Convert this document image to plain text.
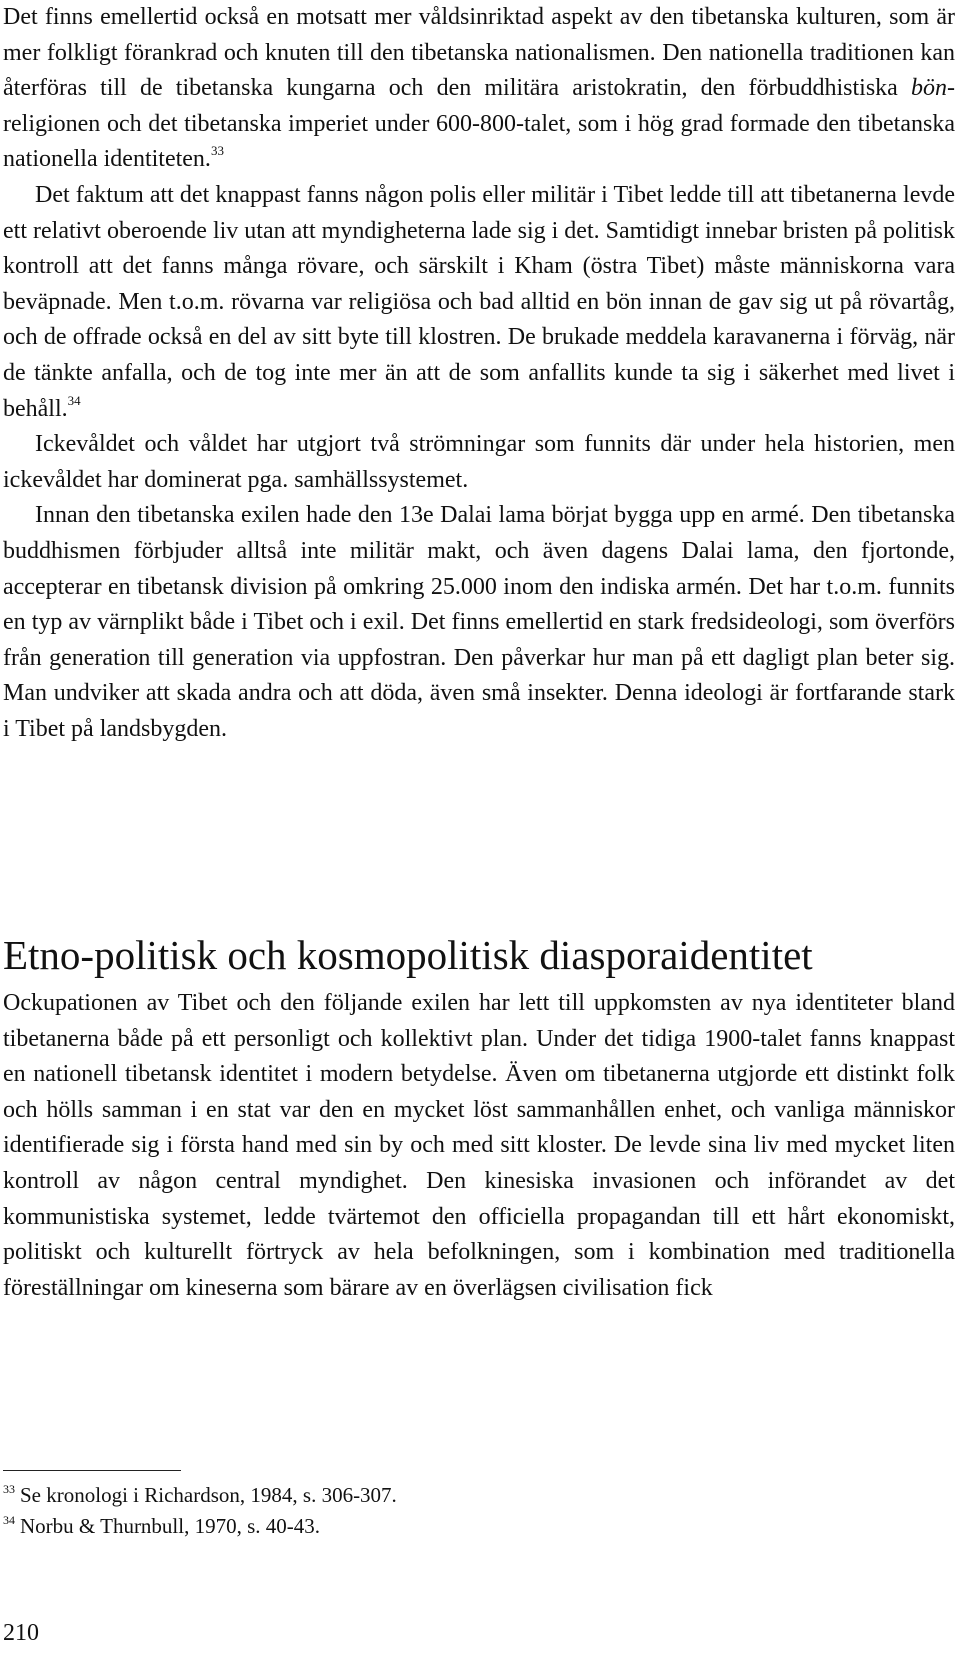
Det finns emellertid också en motsatt mer våldsinriktad aspekt av den tibetanska kulturen, som är mer folkligt förankrad och knuten till den tibetanska nationalismen. Den nationella traditionen kan återföras till de tibetanska kungarna och den militära aristokratin, den förbuddhistiska bön-religionen och det tibetanska imperiet under 600-800-talet, som i hög grad formade den tibetanska nationella identiteten.$^{33}$

Det faktum att det knappast fanns någon polis eller militär i Tibet ledde till att tibetanerna levde ett relativt oberoende liv utan att myndigheterna lade sig i det. Samtidigt innebar bristen på politisk kontroll att det fanns många rövare, och särskilt i Kham (östra Tibet) måste människorna vara beväpnade. Men t.o.m. rövarna var religiösa och bad alltid en bön innan de gav sig ut på rövartåg, och de offrade också en del av sitt byte till klostren. De brukade meddela karavanerna i förväg, när de tänkte anfalla, och de tog inte mer än att de som anfallits kunde ta sig i säkerhet med livet i behåll.$^{34}$

Ickevåldet och våldet har utgjort två strömningar som funnits där under hela historien, men ickevåldet har dominerat pga. samhällssystemet.

Innan den tibetanska exilen hade den 13e Dalai lama börjat bygga upp en armé. Den tibetanska buddhismen förbjuder alltså inte militär makt, och även dagens Dalai lama, den fjortonde, accepterar en tibetansk division på omkring 25.000 inom den indiska armén. Det har t.o.m. funnits en typ av värnplikt både i Tibet och i exil. Det finns emellertid en stark fredsideologi, som överförs från generation till generation via uppfostran. Den påverkar hur man på ett dagligt plan beter sig. Man undviker att skada andra och att döda, även små insekter. Denna ideologi är fortfarande stark i Tibet på landsbygden.

Etno-politisk och kosmopolitisk diasporaidentitet

Ockupationen av Tibet och den följande exilen har lett till uppkomsten av nya identiteter bland tibetanerna både på ett personligt och kollektivt plan. Under det tidiga 1900-talet fanns knappast en nationell tibetansk identitet i modern betydelse. Även om tibetanerna utgjorde ett distinkt folk och hölls samman i en stat var den en mycket löst sammanhållen enhet, och vanliga människor identifierade sig i första hand med sin by och med sitt kloster. De levde sina liv med mycket liten kontroll av någon central myndighet. Den kinesiska invasionen och införandet av det kommunistiska systemet, ledde tvärtemot den officiella propagandan till ett hårt ekonomiskt, politiskt och kulturellt förtryck av hela befolkningen, som i kombination med traditionella föreställningar om kineserna som bärare av en överlägsen civilisation fick

$^{33}$ Se kronologi i Richardson, 1984, s. 306-307.
$^{34}$ Norbu & Thurnbull, 1970, s. 40-43.
210
